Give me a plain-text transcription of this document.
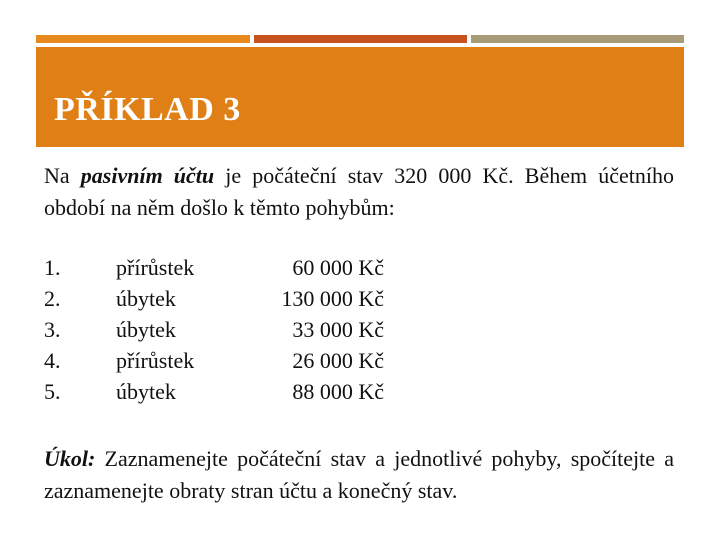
PŘÍKLAD 3
Na pasivním účtu je počáteční stav 320 000 Kč. Během účetního období na něm došlo k těmto pohybům:
1.	přírůstek	60 000 Kč
2.	úbytek	130 000 Kč
3.	úbytek	33 000 Kč
4.	přírůstek	26 000 Kč
5.	úbytek	88 000 Kč
Úkol: Zaznamenejte počáteční stav a jednotlivé pohyby, spočítejte a zaznamenejte obraty stran účtu a konečný stav.
